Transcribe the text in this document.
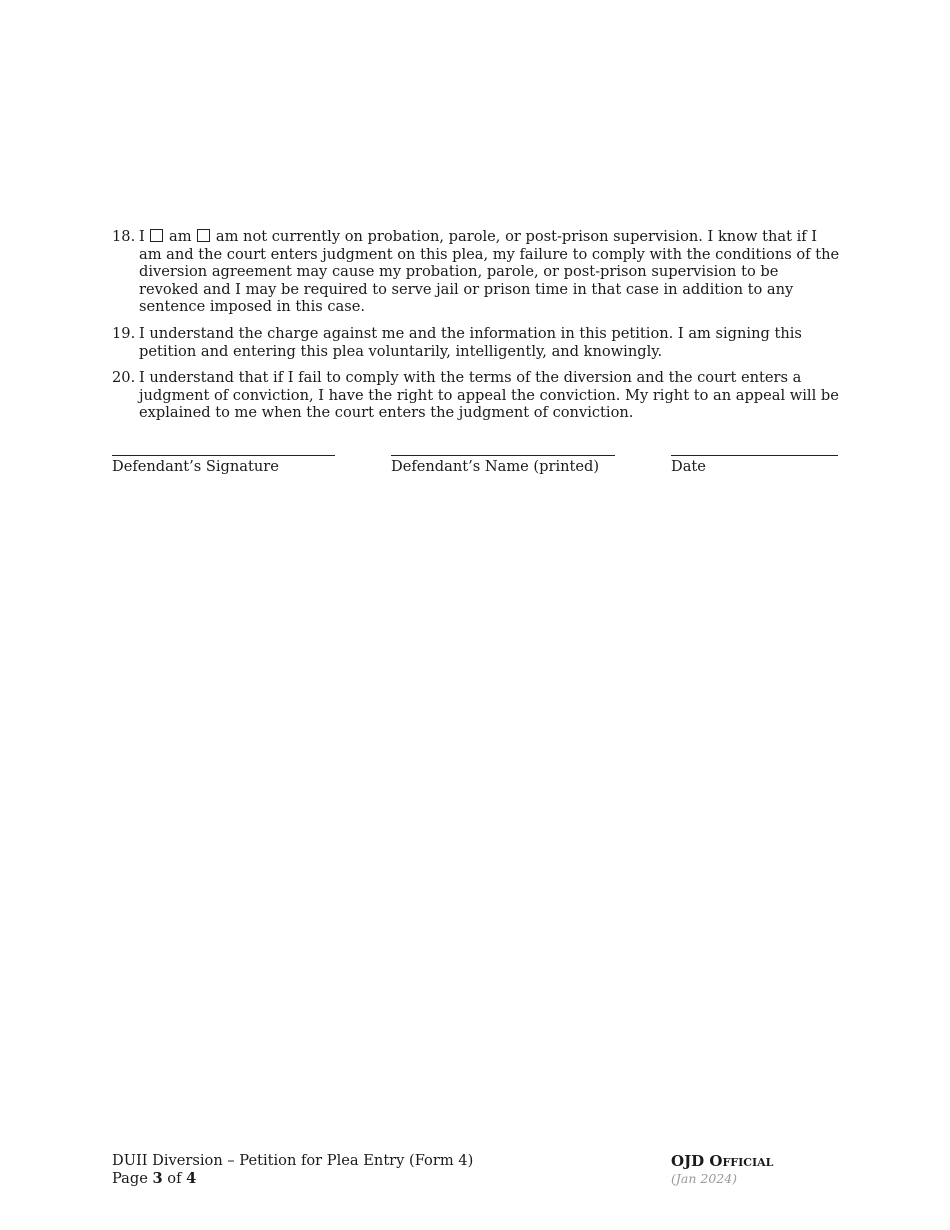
18. I am am not currently on probation, parole, or post-prison supervision. I know that if I am and the court enters judgment on this plea, my failure to comply with the conditions of the diversion agreement may cause my probation, parole, or post-prison supervision to be revoked and I may be required to serve jail or prison time in that case in addition to any sentence imposed in this case.
19. I understand the charge against me and the information in this petition. I am signing this petition and entering this plea voluntarily, intelligently, and knowingly.
20. I understand that if I fail to comply with the terms of the diversion and the court enters a judgment of conviction, I have the right to appeal the conviction. My right to an appeal will be explained to me when the court enters the judgment of conviction.
Defendant’s Signature	Defendant’s Name (printed)	Date
DUII Diversion – Petition for Plea Entry (Form 4)
Page 3 of 4
OJD Official
(Jan 2024)
